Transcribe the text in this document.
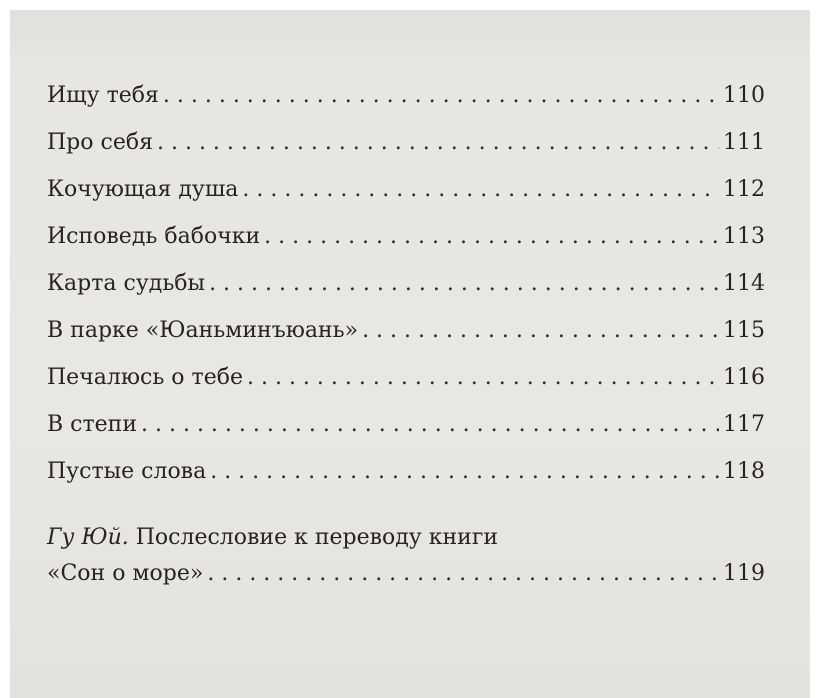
Ищу тебя . . .	110
Про себя . . .	111
Кочующая душа . . .	112
Исповедь бабочки . . .	113
Карта судьбы . . .	114
В парке «Юаньминъюань» . . .	115
Печалюсь о тебе . . .	116
В степи . . .	117
Пустые слова . . .	118
Гу Юй. Послесловие к переводу книги
«Сон о море» . . .	119
